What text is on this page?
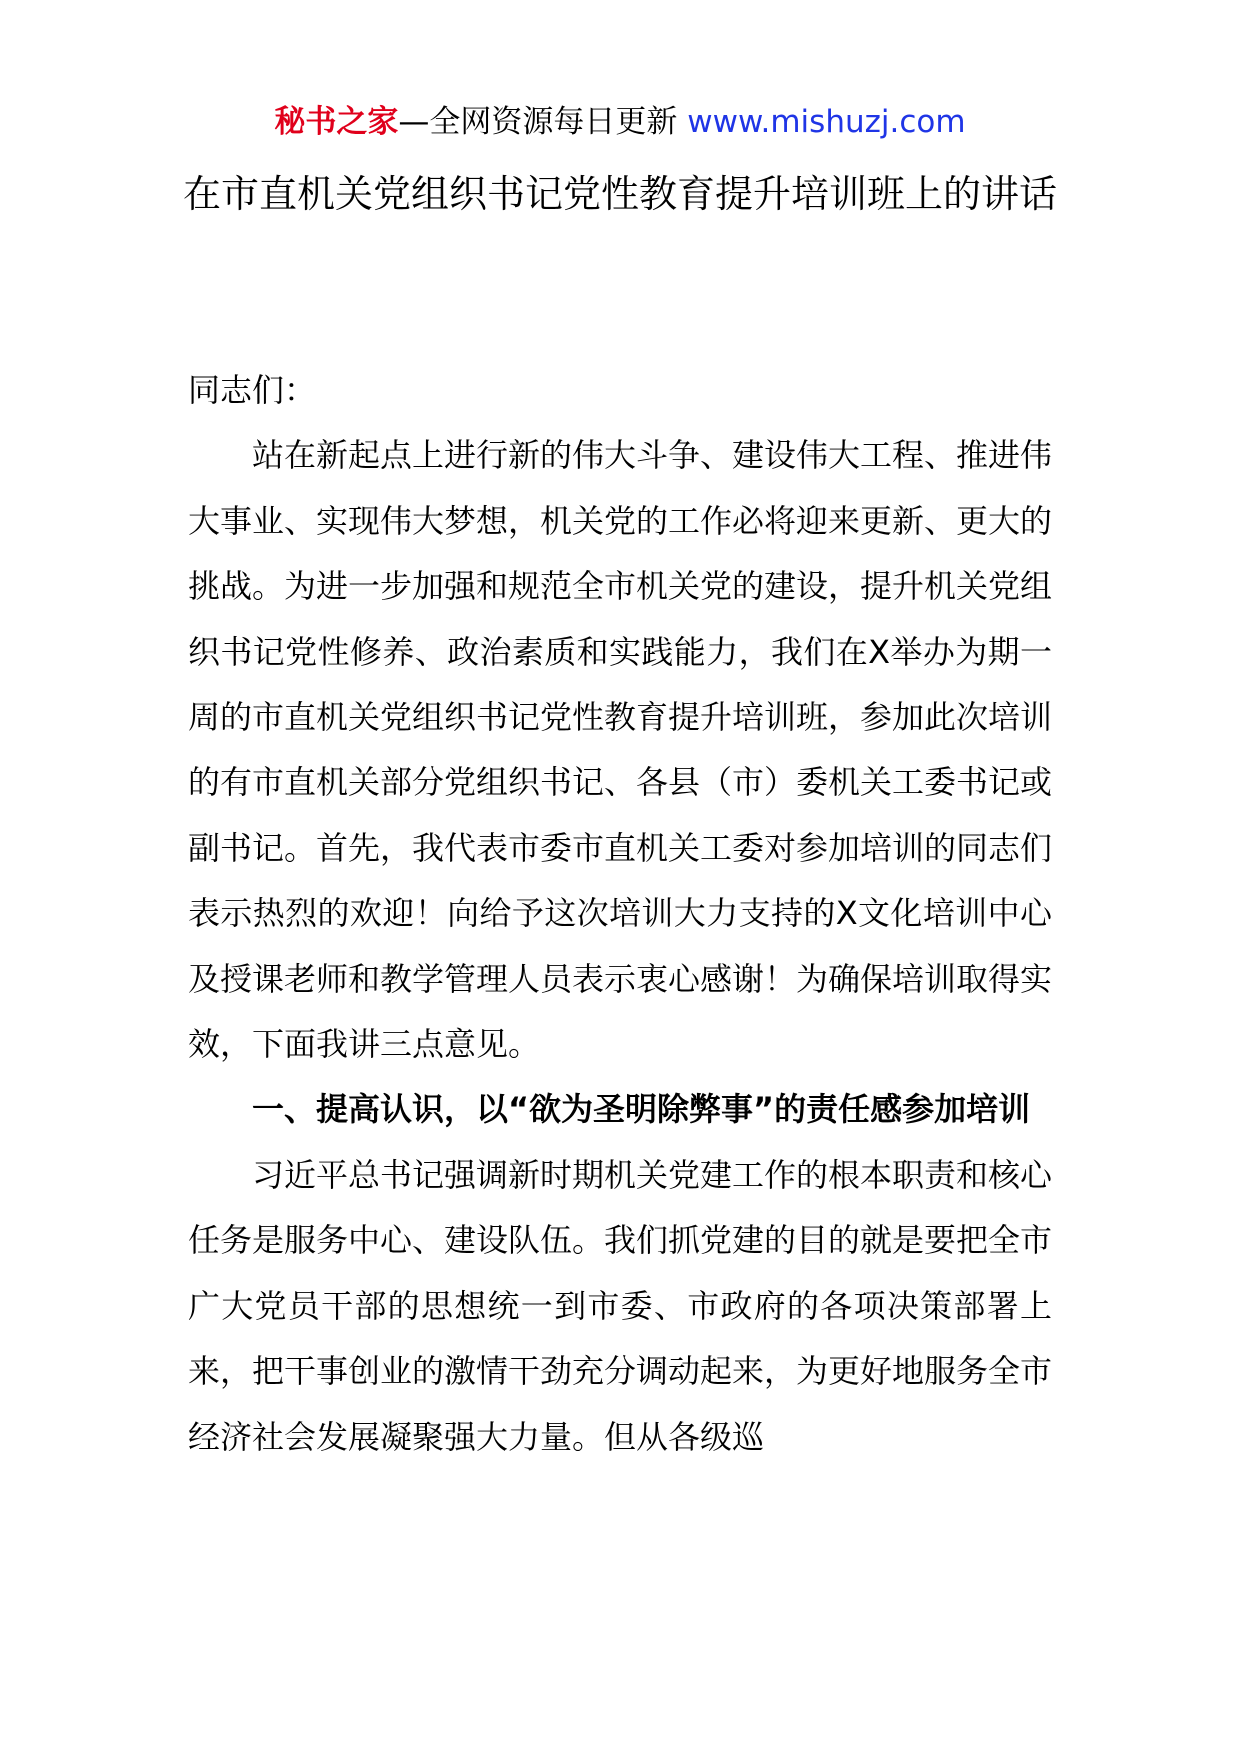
秘书之家—全网资源每日更新 www.mishuzj.com
在市直机关党组织书记党性教育提升培训班上的讲话

同志们：

站在新起点上进行新的伟大斗争、建设伟大工程、推进伟大事业、实现伟大梦想，机关党的工作必将迎来更新、更大的挑战。为进一步加强和规范全市机关党的建设，提升机关党组织书记党性修养、政治素质和实践能力，我们在X举办为期一周的市直机关党组织书记党性教育提升培训班，参加此次培训的有市直机关部分党组织书记、各县（市）委机关工委书记或副书记。首先，我代表市委市直机关工委对参加培训的同志们表示热烈的欢迎！向给予这次培训大力支持的X文化培训中心及授课老师和教学管理人员表示衷心感谢！为确保培训取得实效，下面我讲三点意见。

一、提高认识，以“欲为圣明除弊事”的责任感参加培训

习近平总书记强调新时期机关党建工作的根本职责和核心任务是服务中心、建设队伍。我们抓党建的目的就是要把全市广大党员干部的思想统一到市委、市政府的各项决策部署上来，把干事创业的激情干劲充分调动起来，为更好地服务全市经济社会发展凝聚强大力量。但从各级巡
